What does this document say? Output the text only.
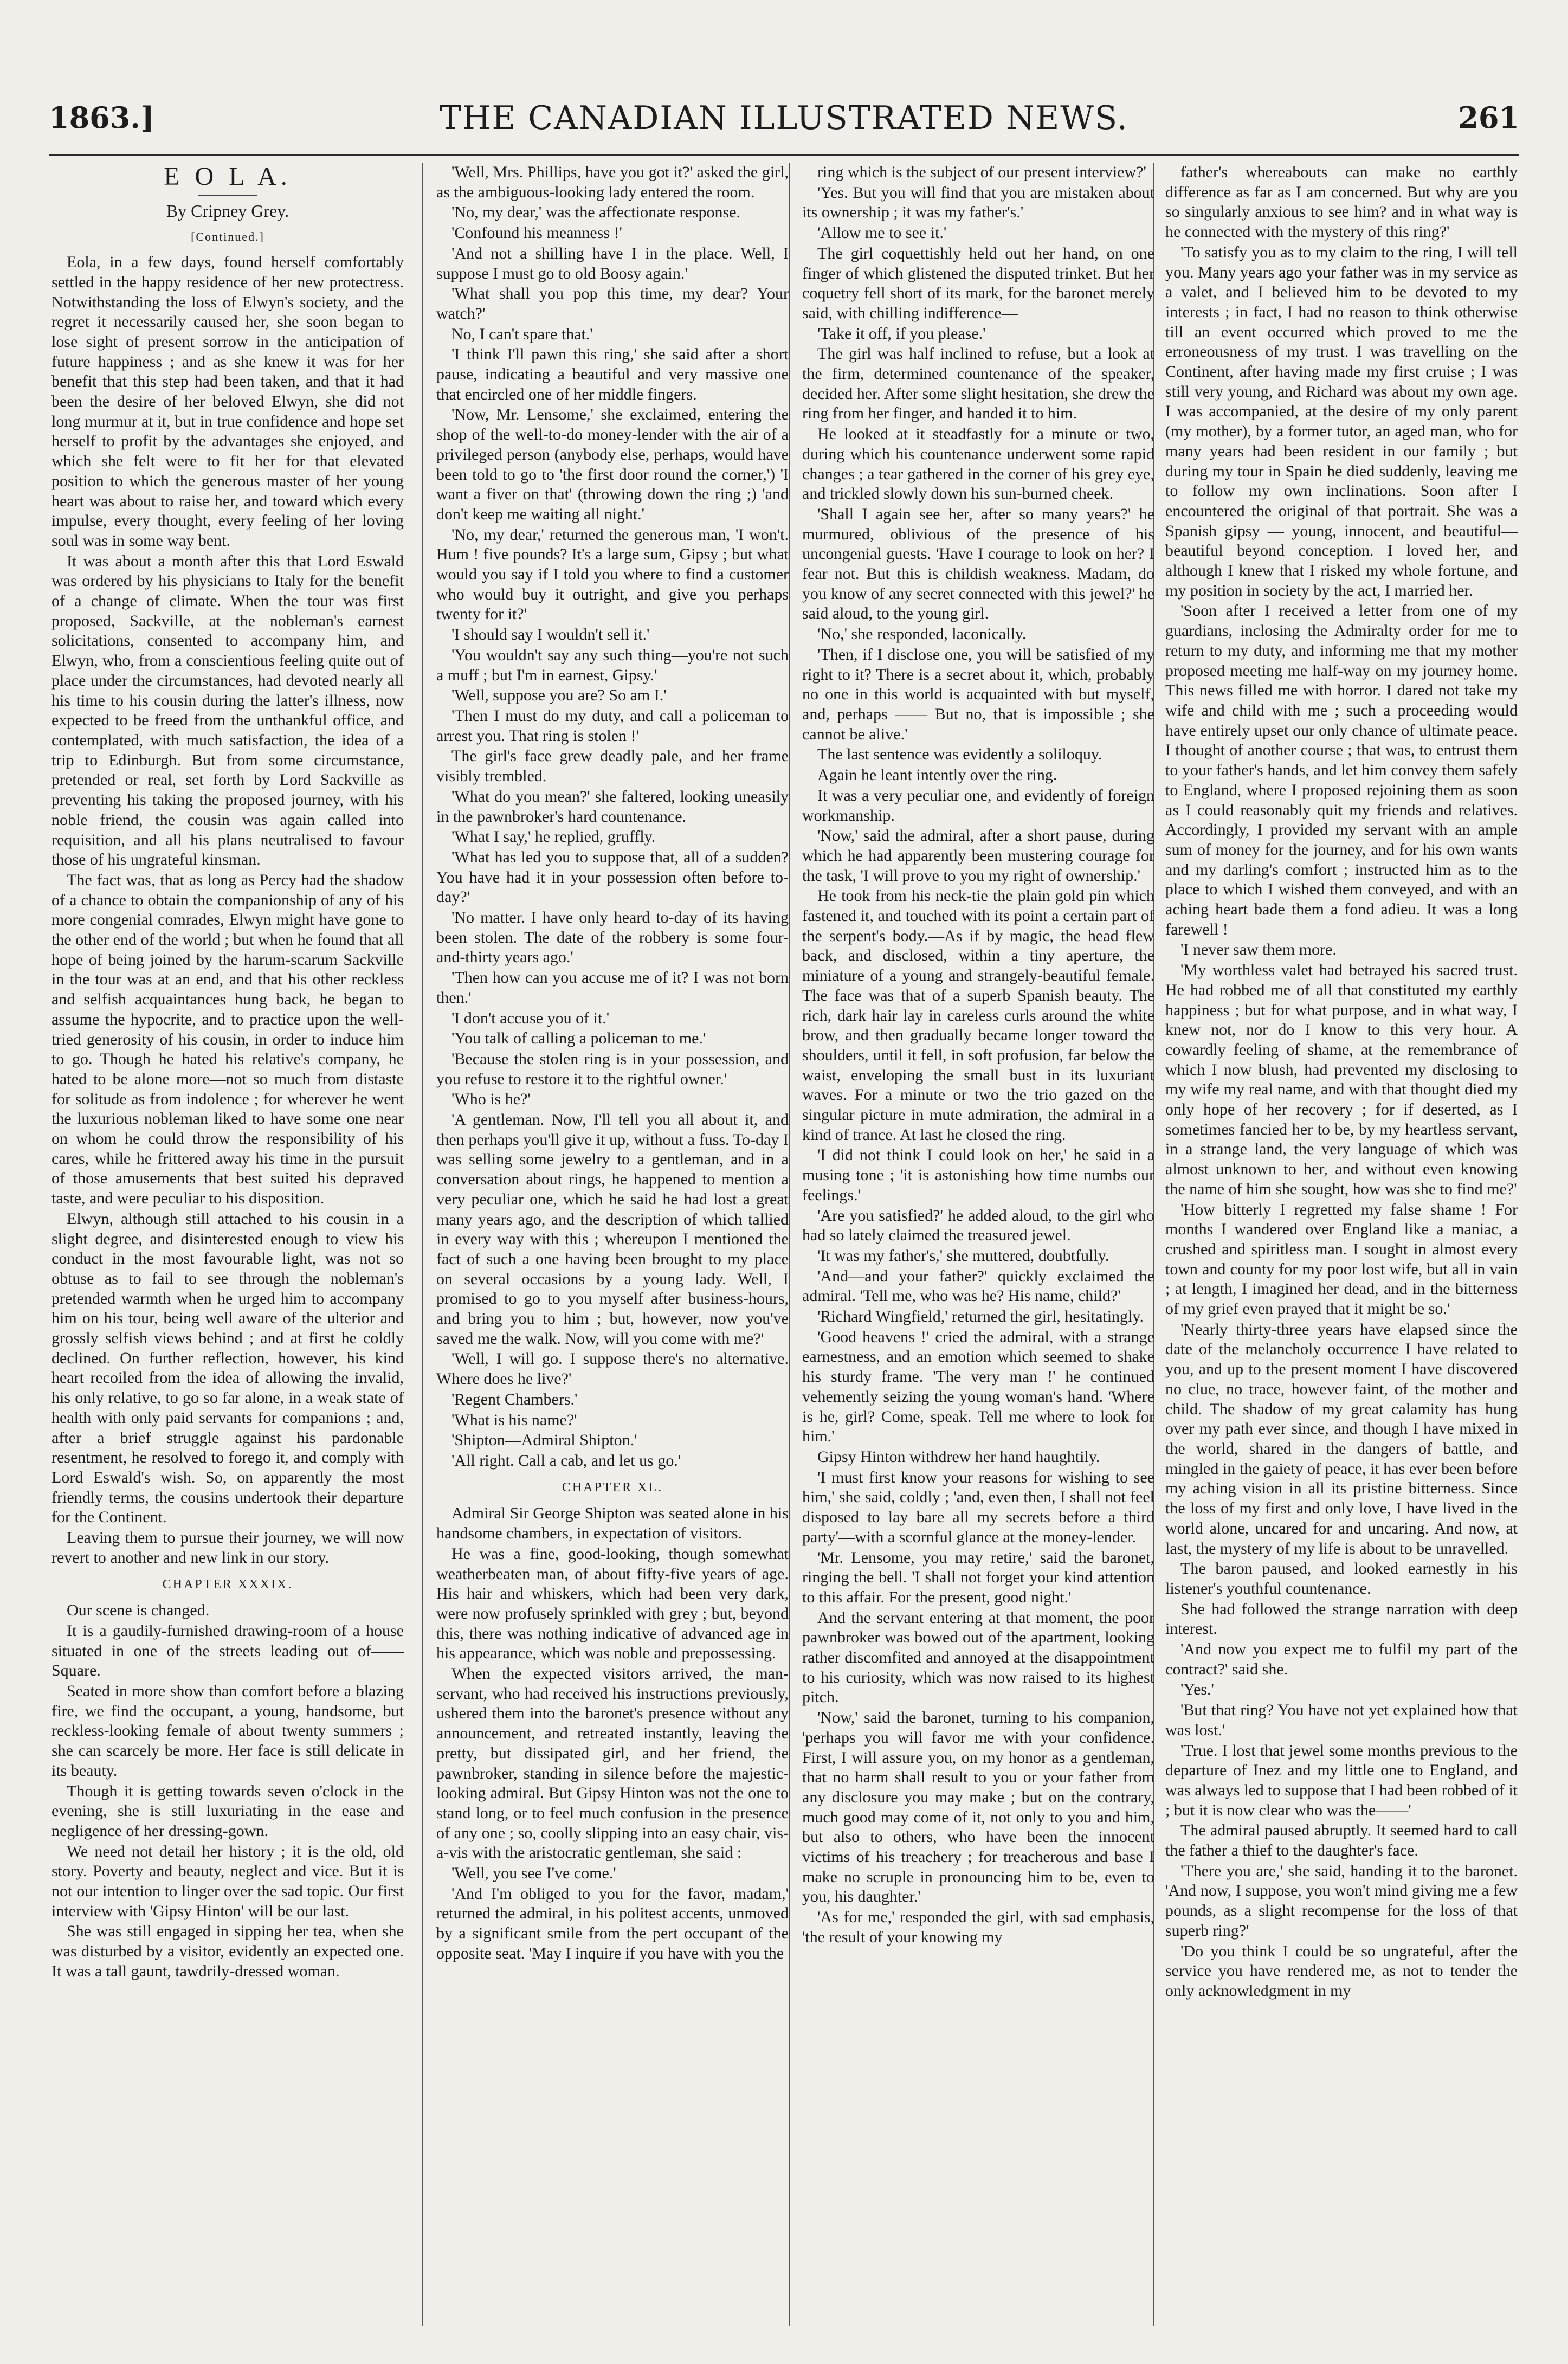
1863.]	THE CANADIAN ILLUSTRATED NEWS.	261
E O L A.
By Cripney Grey.
[Continued.]

Eola, in a few days, found herself comfortably settled in the happy residence of her new protectress. Notwithstanding the loss of Elwyn's society, and the regret it necessarily caused her, she soon began to lose sight of present sorrow in the anticipation of future happiness ; and as she knew it was for her benefit that this step had been taken, and that it had been the desire of her beloved Elwyn, she did not long murmur at it, but in true confidence and hope set herself to profit by the advantages she enjoyed, and which she felt were to fit her for that elevated position to which the generous master of her young heart was about to raise her, and toward which every impulse, every thought, every feeling of her loving soul was in some way bent.

It was about a month after this that Lord Eswald was ordered by his physicians to Italy for the benefit of a change of climate. When the tour was first proposed, Sackville, at the nobleman's earnest solicitations, consented to accompany him, and Elwyn, who, from a conscientious feeling quite out of place under the circumstances, had devoted nearly all his time to his cousin during the latter's illness, now expected to be freed from the unthankful office, and contemplated, with much satisfaction, the idea of a trip to Edinburgh. But from some circumstance, pretended or real, set forth by Lord Sackville as preventing his taking the proposed journey, with his noble friend, the cousin was again called into requisition, and all his plans neutralised to favour those of his ungrateful kinsman.

The fact was, that as long as Percy had the shadow of a chance to obtain the companionship of any of his more congenial comrades, Elwyn might have gone to the other end of the world ; but when he found that all hope of being joined by the harum-scarum Sackville in the tour was at an end, and that his other reckless and selfish acquaintances hung back, he began to assume the hypocrite, and to practice upon the well-tried generosity of his cousin, in order to induce him to go. Though he hated his relative's company, he hated to be alone more—not so much from distaste for solitude as from indolence ; for wherever he went the luxurious nobleman liked to have some one near on whom he could throw the responsibility of his cares, while he frittered away his time in the pursuit of those amusements that best suited his depraved taste, and were peculiar to his disposition.

Elwyn, although still attached to his cousin in a slight degree, and disinterested enough to view his conduct in the most favourable light, was not so obtuse as to fail to see through the nobleman's pretended warmth when he urged him to accompany him on his tour, being well aware of the ulterior and grossly selfish views behind ; and at first he coldly declined. On further reflection, however, his kind heart recoiled from the idea of allowing the invalid, his only relative, to go so far alone, in a weak state of health with only paid servants for companions ; and, after a brief struggle against his pardonable resentment, he resolved to forego it, and comply with Lord Eswald's wish. So, on apparently the most friendly terms, the cousins undertook their departure for the Continent.

Leaving them to pursue their journey, we will now revert to another and new link in our story.

CHAPTER XXXIX.

Our scene is changed.

It is a gaudily-furnished drawing-room of a house situated in one of the streets leading out of——Square.

Seated in more show than comfort before a blazing fire, we find the occupant, a young, handsome, but reckless-looking female of about twenty summers ; she can scarcely be more. Her face is still delicate in its beauty.

Though it is getting towards seven o'clock in the evening, she is still luxuriating in the ease and negligence of her dressing-gown.

We need not detail her history ; it is the old, old story. Poverty and beauty, neglect and vice. But it is not our intention to linger over the sad topic. Our first interview with 'Gipsy Hinton' will be our last.

She was still engaged in sipping her tea, when she was disturbed by a visitor, evidently an expected one. It was a tall gaunt, tawdrily-dressed woman.

'Well, Mrs. Phillips, have you got it?' asked the girl, as the ambiguous-looking lady entered the room.

'No, my dear,' was the affectionate response.

'Confound his meanness !'

'And not a shilling have I in the place. Well, I suppose I must go to old Boosy again.'

'What shall you pop this time, my dear? Your watch?'

No, I can't spare that.'

'I think I'll pawn this ring,' she said after a short pause, indicating a beautiful and very massive one that encircled one of her middle fingers.

'Now, Mr. Lensome,' she exclaimed, entering the shop of the well-to-do money-lender with the air of a privileged person (anybody else, perhaps, would have been told to go to 'the first door round the corner,') 'I want a fiver on that' (throwing down the ring ;) 'and don't keep me waiting all night.'

'No, my dear,' returned the generous man, 'I won't. Hum ! five pounds? It's a large sum, Gipsy ; but what would you say if I told you where to find a customer who would buy it outright, and give you perhaps twenty for it?'

'I should say I wouldn't sell it.'

'You wouldn't say any such thing—you're not such a muff ; but I'm in earnest, Gipsy.'

'Well, suppose you are? So am I.'

'Then I must do my duty, and call a policeman to arrest you. That ring is stolen !'

The girl's face grew deadly pale, and her frame visibly trembled.

'What do you mean?' she faltered, looking uneasily in the pawnbroker's hard countenance.

'What I say,' he replied, gruffly.

'What has led you to suppose that, all of a sudden? You have had it in your possession often before to-day?'

'No matter. I have only heard to-day of its having been stolen. The date of the robbery is some four-and-thirty years ago.'

'Then how can you accuse me of it? I was not born then.'

'I don't accuse you of it.'

'You talk of calling a policeman to me.'

'Because the stolen ring is in your possession, and you refuse to restore it to the rightful owner.'

'Who is he?'

'A gentleman. Now, I'll tell you all about it, and then perhaps you'll give it up, without a fuss. To-day I was selling some jewelry to a gentleman, and in a conversation about rings, he happened to mention a very peculiar one, which he said he had lost a great many years ago, and the description of which tallied in every way with this ; whereupon I mentioned the fact of such a one having been brought to my place on several occasions by a young lady. Well, I promised to go to you myself after business-hours, and bring you to him ; but, however, now you've saved me the walk. Now, will you come with me?'

'Well, I will go. I suppose there's no alternative. Where does he live?'

'Regent Chambers.'

'What is his name?'

'Shipton—Admiral Shipton.'

'All right. Call a cab, and let us go.'

CHAPTER XL.

Admiral Sir George Shipton was seated alone in his handsome chambers, in expectation of visitors.

He was a fine, good-looking, though somewhat weatherbeaten man, of about fifty-five years of age. His hair and whiskers, which had been very dark, were now profusely sprinkled with grey ; but, beyond this, there was nothing indicative of advanced age in his appearance, which was noble and prepossessing.

When the expected visitors arrived, the man-servant, who had received his instructions previously, ushered them into the baronet's presence without any announcement, and retreated instantly, leaving the pretty, but dissipated girl, and her friend, the pawnbroker, standing in silence before the majestic-looking admiral. But Gipsy Hinton was not the one to stand long, or to feel much confusion in the presence of any one ; so, coolly slipping into an easy chair, vis-a-vis with the aristocratic gentleman, she said :

'Well, you see I've come.'

'And I'm obliged to you for the favor, madam,' returned the admiral, in his politest accents, unmoved by a significant smile from the pert occupant of the opposite seat. 'May I inquire if you have with you the

ring which is the subject of our present interview?'

'Yes. But you will find that you are mistaken about its ownership ; it was my father's.'

'Allow me to see it.'

The girl coquettishly held out her hand, on one finger of which glistened the disputed trinket. But her coquetry fell short of its mark, for the baronet merely said, with chilling indifference—

'Take it off, if you please.'

The girl was half inclined to refuse, but a look at the firm, determined countenance of the speaker, decided her. After some slight hesitation, she drew the ring from her finger, and handed it to him.

He looked at it steadfastly for a minute or two, during which his countenance underwent some rapid changes ; a tear gathered in the corner of his grey eye, and trickled slowly down his sun-burned cheek.

'Shall I again see her, after so many years?' he murmured, oblivious of the presence of his uncongenial guests. 'Have I courage to look on her? I fear not. But this is childish weakness. Madam, do you know of any secret connected with this jewel?' he said aloud, to the young girl.

'No,' she responded, laconically.

'Then, if I disclose one, you will be satisfied of my right to it? There is a secret about it, which, probably no one in this world is acquainted with but myself, and, perhaps —— But no, that is impossible ; she cannot be alive.'

The last sentence was evidently a soliloquy.

Again he leant intently over the ring.

It was a very peculiar one, and evidently of foreign workmanship.

'Now,' said the admiral, after a short pause, during which he had apparently been mustering courage for the task, 'I will prove to you my right of ownership.'

He took from his neck-tie the plain gold pin which fastened it, and touched with its point a certain part of the serpent's body.—As if by magic, the head flew back, and disclosed, within a tiny aperture, the miniature of a young and strangely-beautiful female. The face was that of a superb Spanish beauty. The rich, dark hair lay in careless curls around the white brow, and then gradually became longer toward the shoulders, until it fell, in soft profusion, far below the waist, enveloping the small bust in its luxuriant waves. For a minute or two the trio gazed on the singular picture in mute admiration, the admiral in a kind of trance. At last he closed the ring.

'I did not think I could look on her,' he said in a musing tone ; 'it is astonishing how time numbs our feelings.'

'Are you satisfied?' he added aloud, to the girl who had so lately claimed the treasured jewel.

'It was my father's,' she muttered, doubtfully.

'And—and your father?' quickly exclaimed the admiral. 'Tell me, who was he? His name, child?'

'Richard Wingfield,' returned the girl, hesitatingly.

'Good heavens !' cried the admiral, with a strange earnestness, and an emotion which seemed to shake his sturdy frame. 'The very man !' he continued vehemently seizing the young woman's hand. 'Where is he, girl? Come, speak. Tell me where to look for him.'

Gipsy Hinton withdrew her hand haughtily.

'I must first know your reasons for wishing to see him,' she said, coldly ; 'and, even then, I shall not feel disposed to lay bare all my secrets before a third party'—with a scornful glance at the money-lender.

'Mr. Lensome, you may retire,' said the baronet, ringing the bell. 'I shall not forget your kind attention to this affair. For the present, good night.'

And the servant entering at that moment, the poor pawnbroker was bowed out of the apartment, looking rather discomfited and annoyed at the disappointment to his curiosity, which was now raised to its highest pitch.

'Now,' said the baronet, turning to his companion, 'perhaps you will favor me with your confidence. First, I will assure you, on my honor as a gentleman, that no harm shall result to you or your father from any disclosure you may make ; but on the contrary, much good may come of it, not only to you and him, but also to others, who have been the innocent victims of his treachery ; for treacherous and base I make no scruple in pronouncing him to be, even to you, his daughter.'

'As for me,' responded the girl, with sad emphasis, 'the result of your knowing my

father's whereabouts can make no earthly difference as far as I am concerned. But why are you so singularly anxious to see him? and in what way is he connected with the mystery of this ring?'

'To satisfy you as to my claim to the ring, I will tell you. Many years ago your father was in my service as a valet, and I believed him to be devoted to my interests ; in fact, I had no reason to think otherwise till an event occurred which proved to me the erroneousness of my trust. I was travelling on the Continent, after having made my first cruise ; I was still very young, and Richard was about my own age. I was accompanied, at the desire of my only parent (my mother), by a former tutor, an aged man, who for many years had been resident in our family ; but during my tour in Spain he died suddenly, leaving me to follow my own inclinations. Soon after I encountered the original of that portrait. She was a Spanish gipsy — young, innocent, and beautiful—beautiful beyond conception. I loved her, and although I knew that I risked my whole fortune, and my position in society by the act, I married her.

'Soon after I received a letter from one of my guardians, inclosing the Admiralty order for me to return to my duty, and informing me that my mother proposed meeting me half-way on my journey home. This news filled me with horror. I dared not take my wife and child with me ; such a proceeding would have entirely upset our only chance of ultimate peace. I thought of another course ; that was, to entrust them to your father's hands, and let him convey them safely to England, where I proposed rejoining them as soon as I could reasonably quit my friends and relatives. Accordingly, I provided my servant with an ample sum of money for the journey, and for his own wants and my darling's comfort ; instructed him as to the place to which I wished them conveyed, and with an aching heart bade them a fond adieu. It was a long farewell !

'I never saw them more.

'My worthless valet had betrayed his sacred trust. He had robbed me of all that constituted my earthly happiness ; but for what purpose, and in what way, I knew not, nor do I know to this very hour. A cowardly feeling of shame, at the remembrance of which I now blush, had prevented my disclosing to my wife my real name, and with that thought died my only hope of her recovery ; for if deserted, as I sometimes fancied her to be, by my heartless servant, in a strange land, the very language of which was almost unknown to her, and without even knowing the name of him she sought, how was she to find me?'

'How bitterly I regretted my false shame ! For months I wandered over England like a maniac, a crushed and spiritless man. I sought in almost every town and county for my poor lost wife, but all in vain ; at length, I imagined her dead, and in the bitterness of my grief even prayed that it might be so.'

'Nearly thirty-three years have elapsed since the date of the melancholy occurrence I have related to you, and up to the present moment I have discovered no clue, no trace, however faint, of the mother and child. The shadow of my great calamity has hung over my path ever since, and though I have mixed in the world, shared in the dangers of battle, and mingled in the gaiety of peace, it has ever been before my aching vision in all its pristine bitterness. Since the loss of my first and only love, I have lived in the world alone, uncared for and uncaring. And now, at last, the mystery of my life is about to be unravelled.

The baron paused, and looked earnestly in his listener's youthful countenance.

She had followed the strange narration with deep interest.

'And now you expect me to fulfil my part of the contract?' said she.

'Yes.'

'But that ring? You have not yet explained how that was lost.'

'True. I lost that jewel some months previous to the departure of Inez and my little one to England, and was always led to suppose that I had been robbed of it ; but it is now clear who was the——'

The admiral paused abruptly. It seemed hard to call the father a thief to the daughter's face.

'There you are,' she said, handing it to the baronet. 'And now, I suppose, you won't mind giving me a few pounds, as a slight recompense for the loss of that superb ring?'

'Do you think I could be so ungrateful, after the service you have rendered me, as not to tender the only acknowledgment in my
